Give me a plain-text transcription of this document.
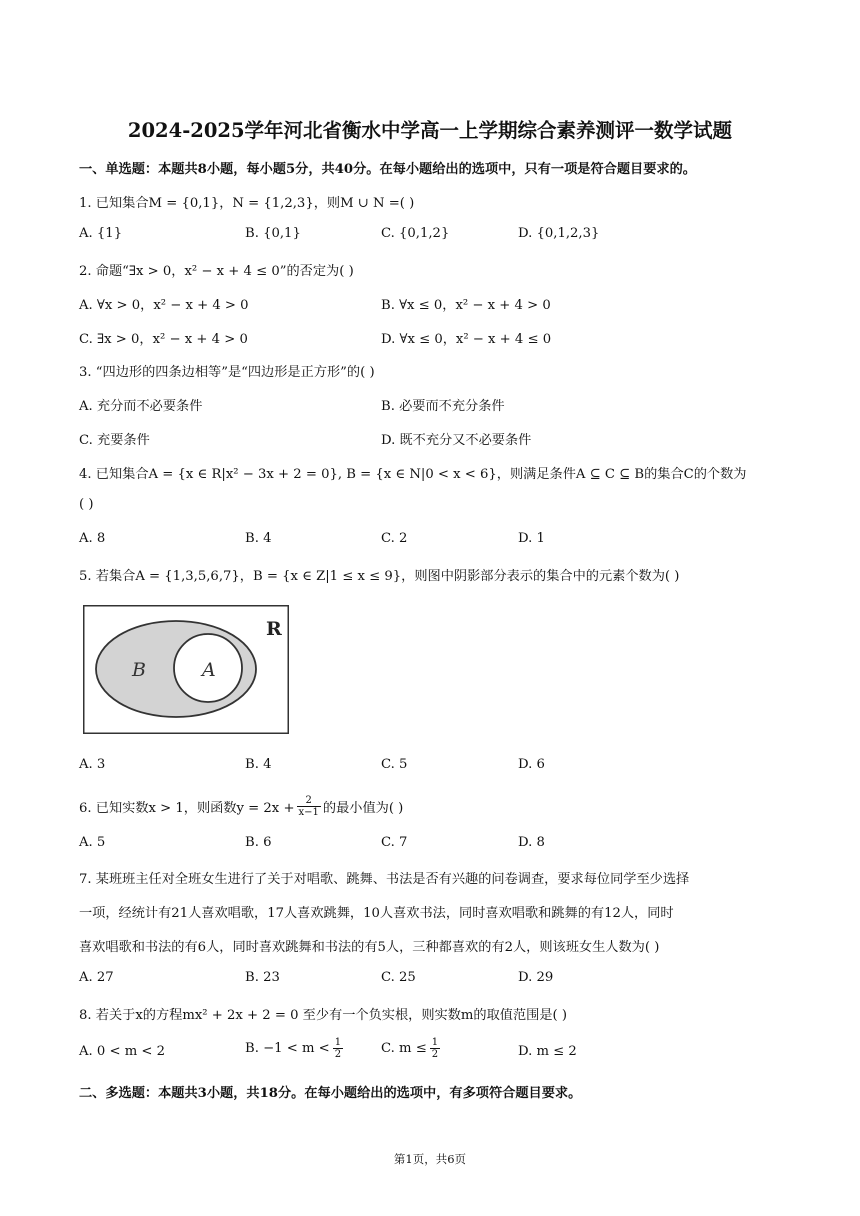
2024-2025学年河北省衡水中学高一上学期综合素养测评一数学试题
一、单选题：本题共8小题，每小题5分，共40分。在每小题给出的选项中，只有一项是符合题目要求的。
1. 已知集合M = {0,1}，N = {1,2,3}，则M ∪ N =( )
A. {1}	B. {0,1}	C. {0,1,2}	D. {0,1,2,3}
2. 命题“∃x > 0，x² − x + 4 ≤ 0”的否定为( )
A. ∀x > 0，x² − x + 4 > 0	B. ∀x ≤ 0，x² − x + 4 > 0
C. ∃x > 0，x² − x + 4 > 0	D. ∀x ≤ 0，x² − x + 4 ≤ 0
3. “四边形的四条边相等”是“四边形是正方形”的( )
A. 充分而不必要条件	B. 必要而不充分条件
C. 充要条件	D. 既不充分又不必要条件
4. 已知集合A = {x ∈ R|x² − 3x + 2 = 0}, B = {x ∈ N|0 < x < 6}，则满足条件A ⊆ C ⊆ B的集合C的个数为
( )
A. 8	B. 4	C. 2	D. 1
5. 若集合A = {1,3,5,6,7}，B = {x ∈ Z|1 ≤ x ≤ 9}，则图中阴影部分表示的集合中的元素个数为( )
R
B	A
A. 3	B. 4	C. 5	D. 6
6. 已知实数x > 1，则函数$y = 2x + \frac{2}{x-1}$ 的最小值为( )
A. 5	B. 6	C. 7	D. 8
7. 某班班主任对全班女生进行了关于对唱歌、跳舞、书法是否有兴趣的问卷调查，要求每位同学至少选择
一项，经统计有21人喜欢唱歌，17人喜欢跳舞，10人喜欢书法，同时喜欢唱歌和跳舞的有12人，同时
喜欢唱歌和书法的有6人，同时喜欢跳舞和书法的有5人，三种都喜欢的有2人，则该班女生人数为( )
A. 27	B. 23	C. 25	D. 29
8. 若关于x的方程mx² + 2x + 2 = 0 至少有一个负实根，则实数m的取值范围是( )
A. 0 < m < 2	B. $-1 < m < \frac{1}{2}$	C. $m \le \frac{1}{2}$	D. m ≤ 2
二、多选题：本题共3小题，共18分。在每小题给出的选项中，有多项符合题目要求。
第1页，共6页
